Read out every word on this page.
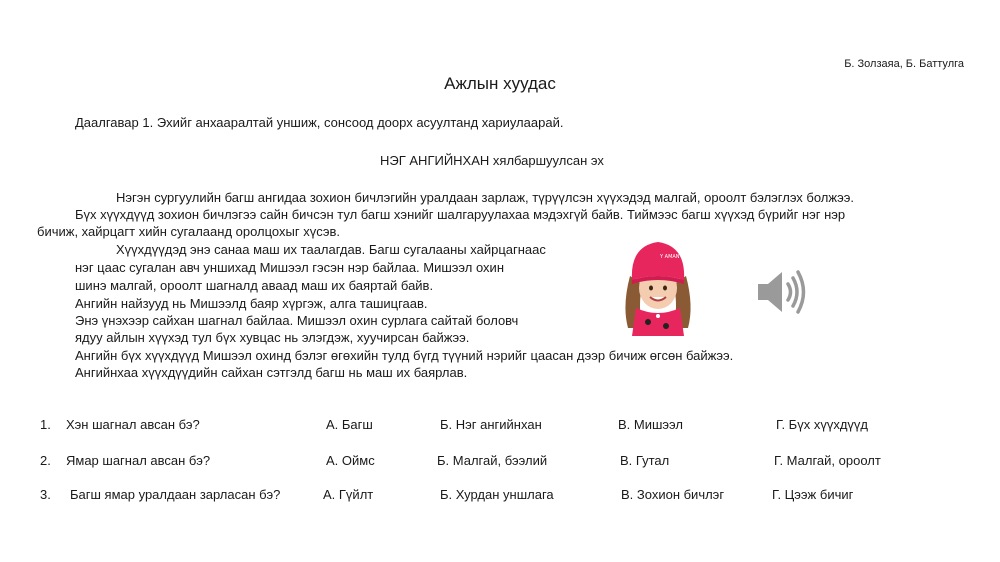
Б. Золзаяа, Б. Баттулга
Ажлын хуудас
Даалгавар 1. Эхийг анхааралтай уншиж, сонсоод доорх асуултанд хариулаарай.
НЭГ АНГИЙНХАН хялбаршуулсан эх
Нэгэн сургуулийн багш ангидаа зохион бичлэгийн уралдаан зарлаж, түрүүлсэн хүүхэдэд малгай, ороолт бэлэглэх болжээ.
Бүх хүүхдүүд зохион бичлэгээ сайн бичсэн тул багш хэнийг шалгаруулахаа мэдэхгүй байв. Тиймээс багш хүүхэд бүрийг нэг нэр
бичиж, хайрцагт хийн сугалаанд оролцохыг хүсэв.
Хүүхдүүдэд энэ санаа маш их таалагдав. Багш сугалааны хайрцагнаас
нэг цаас сугалан авч уншихад Мишээл гэсэн нэр байлаа. Мишээл охин
шинэ малгай, ороолт шагналд аваад маш их баяртай байв.
Ангийн найзууд нь Мишээлд баяр хүргэж, алга ташицгаав.
Энэ үнэхээр сайхан шагнал байлаа. Мишээл охин сурлага сайтай боловч
ядуу айлын хүүхэд тул бүх хувцас нь элэгдэж, хуучирсан байжээ.
Ангийн бүх хүүхдүүд Мишээл охинд бэлэг өгөхийн тулд бүгд түүний нэрийг цаасан дээр бичиж өгсөн байжээ.
Ангийнхаа хүүхдүүдийн сайхан сэтгэлд багш нь маш их баярлав.
Y AMAN
1. Хэн шагнал авсан бэ?	А. Багш	Б. Нэг ангийнхан	В. Мишээл	Г. Бүх хүүхдүүд
2. Ямар шагнал авсан бэ?	А. Оймс	Б. Малгай, бээлий	В. Гутал	Г. Малгай, ороолт
3. Багш ямар уралдаан зарласан бэ?	А. Гүйлт	Б. Хурдан уншлага	В. Зохион бичлэг	Г. Цээж бичиг
